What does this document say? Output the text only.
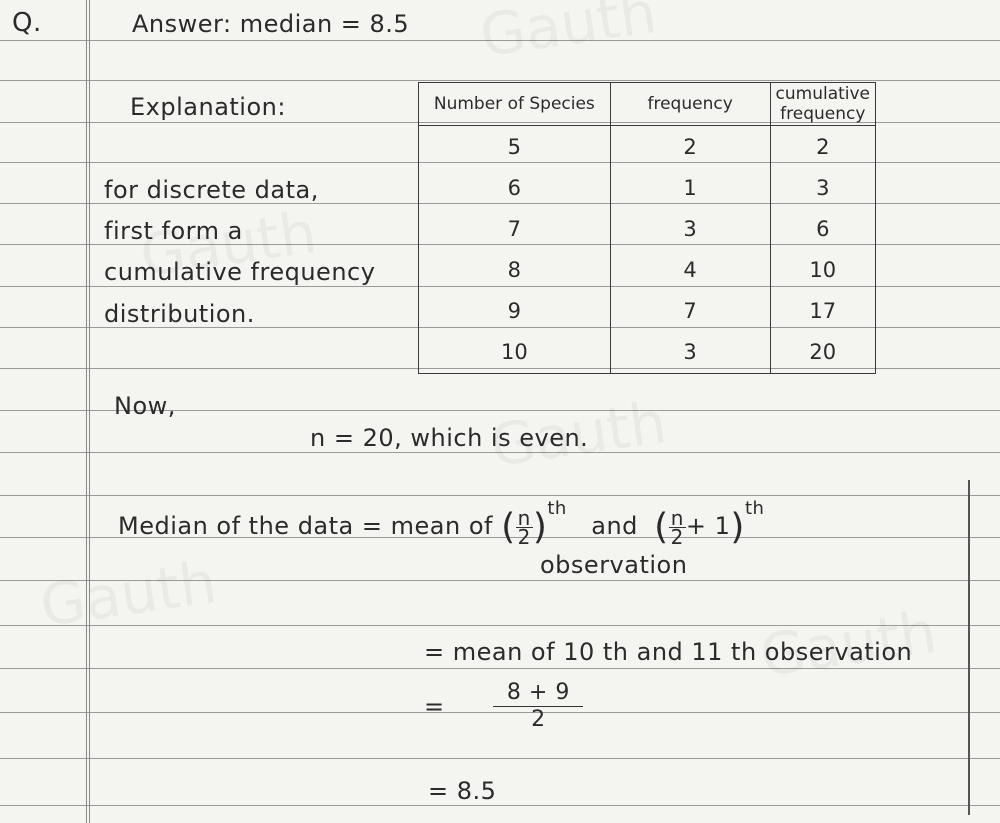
Q.	Answer: median = 8.5
Explanation:
for discrete data,
first form a
cumulative frequency
distribution.
Number of Species	frequency	cumulative frequency
5	2	2
6	1	3
7	3	6
8	4	10
9	7	17
10	3	20
Now,
n = 20, which is even.
Median of the data = mean of ( $\frac{n}{2} )^{th}$   and ( $\frac{n}{2} + 1)^{th}$
observation
= mean of 10 th and 11 th observation
= $\frac{8 + 9}{2}$
= 8.5
